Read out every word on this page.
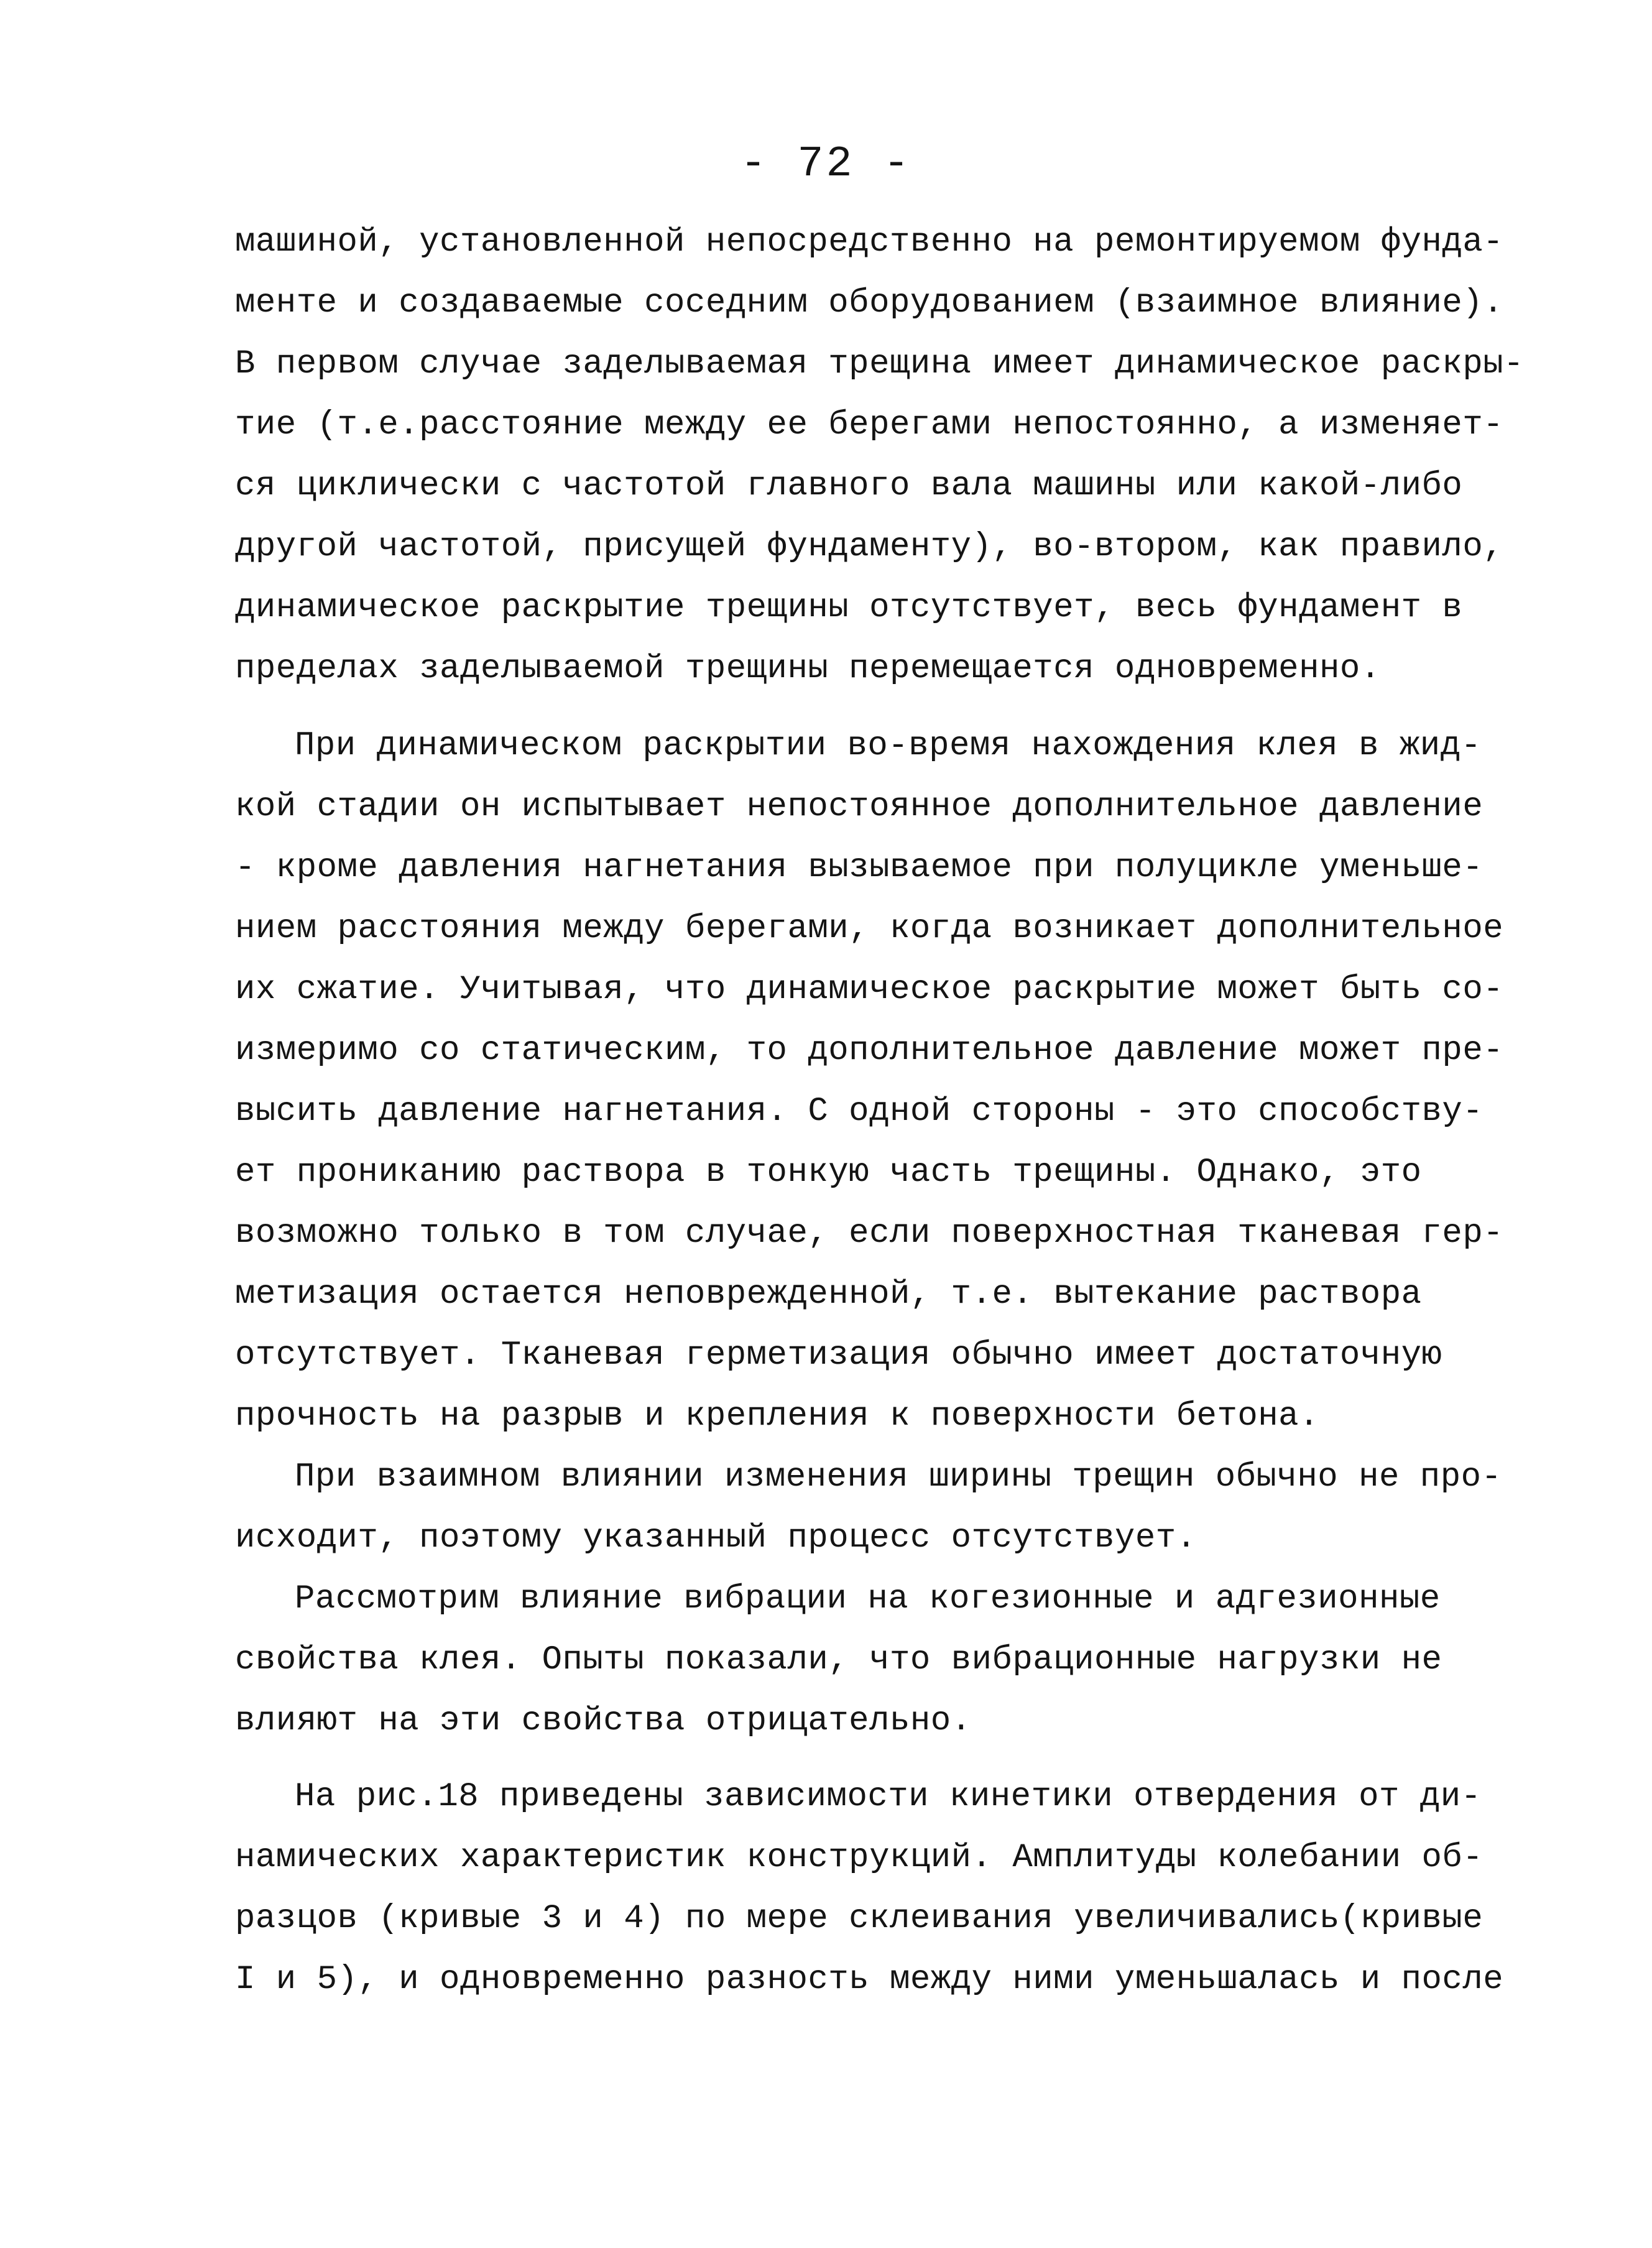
- 72 -
машиной, установленной непосредственно на ремонтируемом фунда-
менте и создаваемые соседним оборудованием (взаимное влияние).
В первом случае заделываемая трещина имеет динамическое раскры-
тие (т.е.расстояние между ее берегами непостоянно, а изменяет-
ся циклически с частотой главного вала машины или какой-либо
другой частотой, присущей фундаменту), во-втором, как правило,
динамическое раскрытие трещины отсутствует, весь фундамент в
пределах заделываемой трещины перемещается одновременно.
При динамическом раскрытии во-время нахождения клея в жид-
кой стадии он испытывает непостоянное дополнительное давление
- кроме давления нагнетания вызываемое при полуцикле уменьше-
нием расстояния между берегами, когда возникает дополнительное
их сжатие. Учитывая, что динамическое раскрытие может быть со-
измеримо со статическим, то дополнительное давление может пре-
высить давление нагнетания. С одной стороны - это способству-
ет проникaнию раствора в тонкую часть трещины. Однако, это
возможно только в том случае, если поверхностная тканевая гер-
метизация остается неповрежденной, т.е. вытекание раствора
отсутствует. Тканевая герметизация обычно имеет достаточную
прочность на разрыв и крепления к поверхности бетона.
При взаимном влиянии изменения ширины трещин обычно не про-
исходит, поэтому указанный процесс отсутствует.
Рассмотрим влияние вибрации на когезионные и адгезионные
свойства клея. Опыты показали, что вибрационные нагрузки не
влияют на эти свойства отрицательно.
На рис.18 приведены зависимости кинетики отвердения от ди-
намических характеристик конструкций. Амплитуды колебании об-
разцов (кривые 3 и 4) по мере склеивания увеличивались(кривые
I и 5), и одновременно разность между ними уменьшалась и после
